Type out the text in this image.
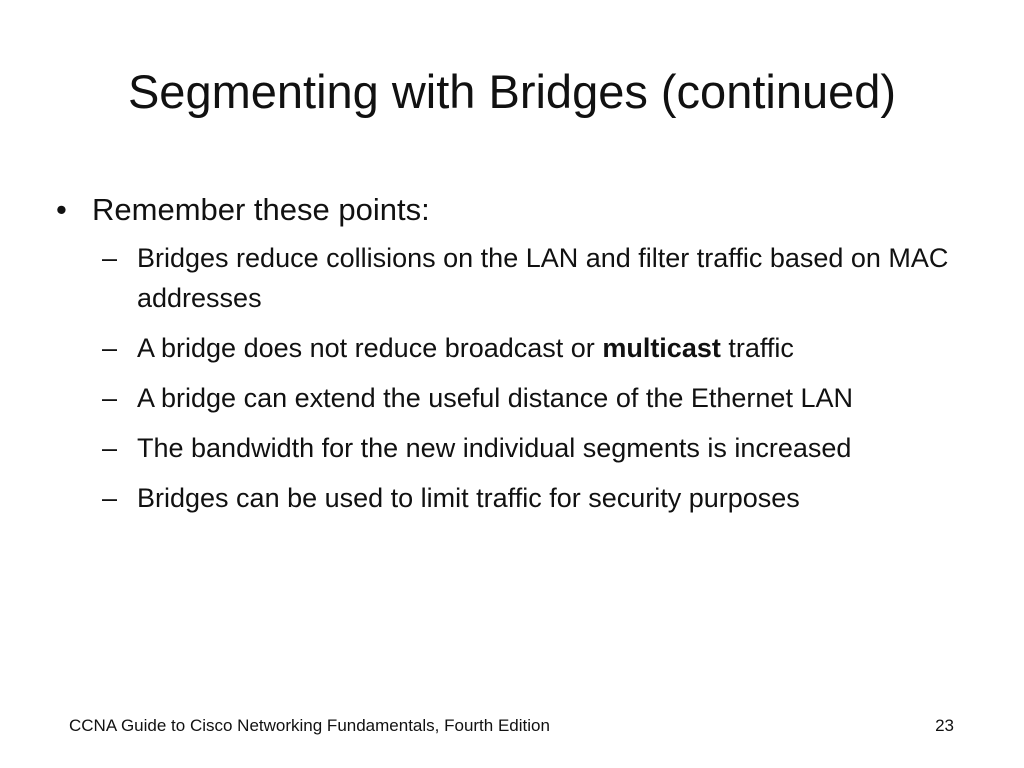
Segmenting with Bridges (continued)
• Remember these points:
– Bridges reduce collisions on the LAN and filter traffic based on MAC addresses
– A bridge does not reduce broadcast or multicast traffic
– A bridge can extend the useful distance of the Ethernet LAN
– The bandwidth for the new individual segments is increased
– Bridges can be used to limit traffic for security purposes
CCNA Guide to Cisco Networking Fundamentals, Fourth Edition	23
